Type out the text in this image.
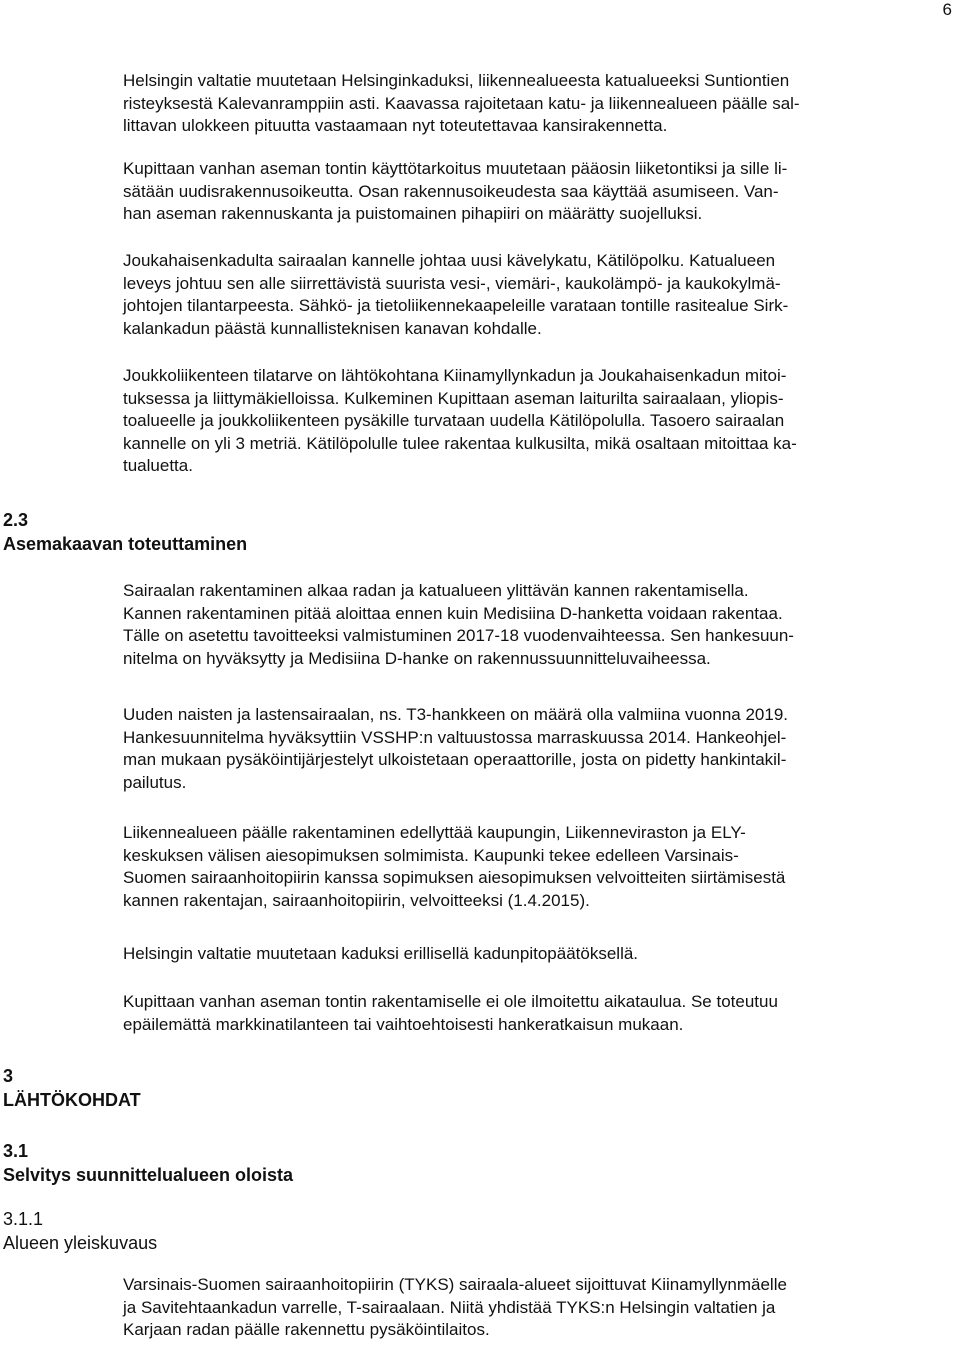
6

Helsingin valtatie muutetaan Helsinginkaduksi, liikennealueesta katualueeksi Suntiontien
risteyksestä Kalevanramppiin asti. Kaavassa rajoitetaan katu- ja liikennealueen päälle sal-
littavan ulokkeen pituutta vastaamaan nyt toteutettavaa kansirakennetta.

Kupittaan vanhan aseman tontin käyttötarkoitus muutetaan pääosin liiketontiksi ja sille li-
sätään uudisrakennusoikeutta. Osan rakennusoikeudesta saa käyttää asumiseen. Van-
han aseman rakennuskanta ja puistomainen pihapiiri on määrätty suojelluksi.

Joukahaisenkadulta sairaalan kannelle johtaa uusi kävelykatu, Kätilöpolku. Katualueen
leveys johtuu sen alle siirrettävistä suurista vesi-, viemäri-, kaukolämpö- ja kaukokylmä-
johtojen tilantarpeesta. Sähkö- ja tietoliikennekaapeleille varataan tontille rasitealue Sirk-
kalankadun päästä kunnallisteknisen kanavan kohdalle.

Joukkoliikenteen tilatarve on lähtökohtana Kiinamyllynkadun ja Joukahaisenkadun mitoi-
tuksessa ja liittymäkielloissa. Kulkeminen Kupittaan aseman laiturilta sairaalaan, yliopis-
toalueelle ja joukkoliikenteen pysäkille turvataan uudella Kätilöpolulla. Tasoero sairaalan
kannelle on yli 3 metriä. Kätilöpolulle tulee rakentaa kulkusilta, mikä osaltaan mitoittaa ka-
tualuetta.

2.3
Asemakaavan toteuttaminen

Sairaalan rakentaminen alkaa radan ja katualueen ylittävän kannen rakentamisella.
Kannen rakentaminen pitää aloittaa ennen kuin Medisiina D-hanketta voidaan rakentaa.
Tälle on asetettu tavoitteeksi valmistuminen 2017-18 vuodenvaihteessa. Sen hankesuun-
nitelma on hyväksytty ja Medisiina D-hanke on rakennussuunnitteluvaiheessa.

Uuden naisten ja lastensairaalan, ns. T3-hankkeen on määrä olla valmiina vuonna 2019.
Hankesuunnitelma hyväksyttiin VSSHP:n valtuustossa marraskuussa 2014. Hankeohjel-
man mukaan pysäköintijärjestelyt ulkoistetaan operaattorille, josta on pidetty hankintakil-
pailutus.

Liikennealueen päälle rakentaminen edellyttää kaupungin, Liikenneviraston ja ELY-
keskuksen välisen aiesopimuksen solmimista. Kaupunki tekee edelleen Varsinais-
Suomen sairaanhoitopiirin kanssa sopimuksen aiesopimuksen velvoitteiten siirtämisestä
kannen rakentajan, sairaanhoitopiirin, velvoitteeksi (1.4.2015).

Helsingin valtatie muutetaan kaduksi erillisellä kadunpitopäätöksellä.

Kupittaan vanhan aseman tontin rakentamiselle ei ole ilmoitettu aikataulua. Se toteutuu
epäilemättä markkinatilanteen tai vaihtoehtoisesti hankeratkaisun mukaan.

3
LÄHTÖKOHDAT
3.1
Selvitys suunnittelualueen oloista
3.1.1
Alueen yleiskuvaus

Varsinais-Suomen sairaanhoitopiirin (TYKS) sairaala-alueet sijoittuvat Kiinamyllynmäelle
ja Savitehtaankadun varrelle, T-sairaalaan. Niitä yhdistää TYKS:n Helsingin valtatien ja
Karjaan radan päälle rakennettu pysäköintilaitos.
